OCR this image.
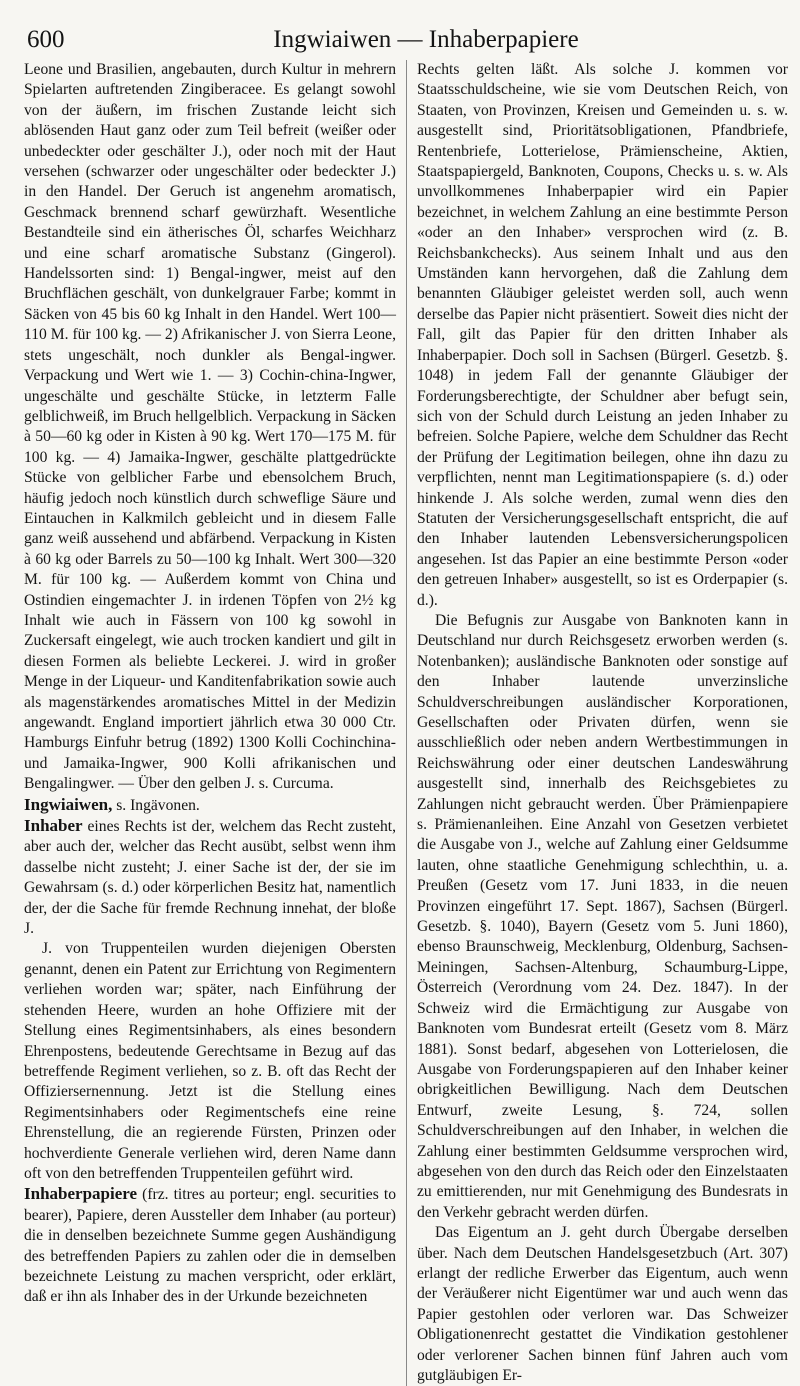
600	Ingwiaiwen — Inhaberpapiere

Leone und Brasilien, angebauten, durch Kultur in mehrern Spielarten auftretenden Zingiberacee. Es gelangt sowohl von der äußern, im frischen Zustande leicht sich ablösenden Haut ganz oder zum Teil befreit (weißer oder unbedeckter oder geschälter J.), oder noch mit der Haut versehen (schwarzer oder ungeschälter oder bedeckter J.) in den Handel. Der Geruch ist angenehm aromatisch, Geschmack brennend scharf gewürzhaft. Wesentliche Bestandteile sind ein ätherisches Öl, scharfes Weichharz und eine scharf aromatische Substanz (Gingerol). Handelssorten sind: 1) Bengal-ingwer, meist auf den Bruchflächen geschält, von dunkelgrauer Farbe; kommt in Säcken von 45 bis 60 kg Inhalt in den Handel. Wert 100—110 M. für 100 kg. — 2) Afrikanischer J. von Sierra Leone, stets ungeschält, noch dunkler als Bengal-ingwer. Verpackung und Wert wie 1. — 3) Cochin-china-Ingwer, ungeschälte und geschälte Stücke, in letzterm Falle gelblichweiß, im Bruch hellgelblich. Verpackung in Säcken à 50—60 kg oder in Kisten à 90 kg. Wert 170—175 M. für 100 kg. — 4) Jamaika-Ingwer, geschälte plattgedrückte Stücke von gelblicher Farbe und ebensolchem Bruch, häufig jedoch noch künstlich durch schweflige Säure und Eintauchen in Kalkmilch gebleicht und in diesem Falle ganz weiß aussehend und abfärbend. Verpackung in Kisten à 60 kg oder Barrels zu 50—100 kg Inhalt. Wert 300—320 M. für 100 kg. — Außerdem kommt von China und Ostindien eingemachter J. in irdenen Töpfen von 2½ kg Inhalt wie auch in Fässern von 100 kg sowohl in Zuckersaft eingelegt, wie auch trocken kandiert und gilt in diesen Formen als beliebte Leckerei. J. wird in großer Menge in der Liqueur- und Kanditenfabrikation sowie auch als magenstärkendes aromatisches Mittel in der Medizin angewandt. England importiert jährlich etwa 30 000 Ctr. Hamburgs Einfuhr betrug (1892) 1300 Kolli Cochinchina- und Jamaika-Ingwer, 900 Kolli afrikanischen und Bengalingwer. — Über den gelben J. s. Curcuma.

Ingwiaiwen, s. Ingävonen.

Inhaber eines Rechts ist der, welchem das Recht zusteht, aber auch der, welcher das Recht ausübt, selbst wenn ihm dasselbe nicht zusteht; J. einer Sache ist der, der sie im Gewahrsam (s. d.) oder körperlichen Besitz hat, namentlich der, der die Sache für fremde Rechnung innehat, der bloße J.

J. von Truppenteilen wurden diejenigen Obersten genannt, denen ein Patent zur Errichtung von Regimentern verliehen worden war; später, nach Einführung der stehenden Heere, wurden an hohe Offiziere mit der Stellung eines Regimentsinhabers, als eines besondern Ehrenpostens, bedeutende Gerechtsame in Bezug auf das betreffende Regiment verliehen, so z. B. oft das Recht der Offiziersernennung. Jetzt ist die Stellung eines Regimentsinhabers oder Regimentschefs eine reine Ehrenstellung, die an regierende Fürsten, Prinzen oder hochverdiente Generale verliehen wird, deren Name dann oft von den betreffenden Truppenteilen geführt wird.

Inhaberpapiere (frz. titres au porteur; engl. securities to bearer), Papiere, deren Aussteller dem Inhaber (au porteur) die in denselben bezeichnete Summe gegen Aushändigung des betreffenden Papiers zu zahlen oder die in demselben bezeichnete Leistung zu machen verspricht, oder erklärt, daß er ihn als Inhaber des in der Urkunde bezeichneten

Rechts gelten läßt. Als solche J. kommen vor Staatsschuldscheine, wie sie vom Deutschen Reich, von Staaten, von Provinzen, Kreisen und Gemeinden u. s. w. ausgestellt sind, Prioritätsobligationen, Pfandbriefe, Rentenbriefe, Lotterielose, Prämienscheine, Aktien, Staatspapiergeld, Banknoten, Coupons, Checks u. s. w. Als unvollkommenes Inhaberpapier wird ein Papier bezeichnet, in welchem Zahlung an eine bestimmte Person «oder an den Inhaber» versprochen wird (z. B. Reichsbankchecks). Aus seinem Inhalt und aus den Umständen kann hervorgehen, daß die Zahlung dem benannten Gläubiger geleistet werden soll, auch wenn derselbe das Papier nicht präsentiert. Soweit dies nicht der Fall, gilt das Papier für den dritten Inhaber als Inhaberpapier. Doch soll in Sachsen (Bürgerl. Gesetzb. §. 1048) in jedem Fall der genannte Gläubiger der Forderungsberechtigte, der Schuldner aber befugt sein, sich von der Schuld durch Leistung an jeden Inhaber zu befreien. Solche Papiere, welche dem Schuldner das Recht der Prüfung der Legitimation beilegen, ohne ihn dazu zu verpflichten, nennt man Legitimationspapiere (s. d.) oder hinkende J. Als solche werden, zumal wenn dies den Statuten der Versicherungsgesellschaft entspricht, die auf den Inhaber lautenden Lebensversicherungspolicen angesehen. Ist das Papier an eine bestimmte Person «oder den getreuen Inhaber» ausgestellt, so ist es Orderpapier (s. d.).

Die Befugnis zur Ausgabe von Banknoten kann in Deutschland nur durch Reichsgesetz erworben werden (s. Notenbanken); ausländische Banknoten oder sonstige auf den Inhaber lautende unverzinsliche Schuldverschreibungen ausländischer Korporationen, Gesellschaften oder Privaten dürfen, wenn sie ausschließlich oder neben andern Wertbestimmungen in Reichswährung oder einer deutschen Landeswährung ausgestellt sind, innerhalb des Reichsgebietes zu Zahlungen nicht gebraucht werden. Über Prämienpapiere s. Prämienanleihen. Eine Anzahl von Gesetzen verbietet die Ausgabe von J., welche auf Zahlung einer Geldsumme lauten, ohne staatliche Genehmigung schlechthin, u. a. Preußen (Gesetz vom 17. Juni 1833, in die neuen Provinzen eingeführt 17. Sept. 1867), Sachsen (Bürgerl. Gesetzb. §. 1040), Bayern (Gesetz vom 5. Juni 1860), ebenso Braunschweig, Mecklenburg, Oldenburg, Sachsen-Meiningen, Sachsen-Altenburg, Schaumburg-Lippe, Österreich (Verordnung vom 24. Dez. 1847). In der Schweiz wird die Ermächtigung zur Ausgabe von Banknoten vom Bundesrat erteilt (Gesetz vom 8. März 1881). Sonst bedarf, abgesehen von Lotterielosen, die Ausgabe von Forderungspapieren auf den Inhaber keiner obrigkeitlichen Bewilligung. Nach dem Deutschen Entwurf, zweite Lesung, §. 724, sollen Schuldverschreibungen auf den Inhaber, in welchen die Zahlung einer bestimmten Geldsumme versprochen wird, abgesehen von den durch das Reich oder den Einzelstaaten zu emittierenden, nur mit Genehmigung des Bundesrats in den Verkehr gebracht werden dürfen.

Das Eigentum an J. geht durch Übergabe derselben über. Nach dem Deutschen Handelsgesetzbuch (Art. 307) erlangt der redliche Erwerber das Eigentum, auch wenn der Veräußerer nicht Eigentümer war und auch wenn das Papier gestohlen oder verloren war. Das Schweizer Obligationenrecht gestattet die Vindikation gestohlener oder verlorener Sachen binnen fünf Jahren auch vom gutgläubigen Er-
